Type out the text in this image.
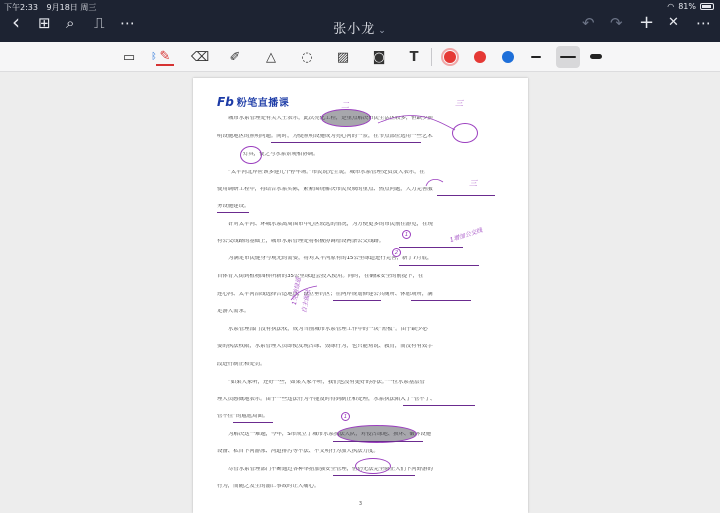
下午2:33 9月18日 周三	◠ 81%
‹ ⊞ ⌕ ⎍ ⋯	张小龙 ⌄	↶ ↷ + ✕ ⋯
▭	ᛒ ✎ ⌫ ✐	△	◌ ▨ ◙	T
Fb 粉笔直播课
城市水系管理处有关人士表示，此次亮化工程，是重点解决市民生活区较多，但缺少照
明设施地区的照明问题。同时，为使照明设施成为亮心河的一景，在节点部位选用一些艺术
灯具，使之与水系景观相协调。
“太平河北岸应该多建几个停车场。”市民说先生说。城市水系管理处负责人表示，在
使用调研工程中，将结合水系实际，紧紧围绕解决市民反映的重点、热点问题，大力完善服
务设施建设。
针对太平河、环城水系离周围市中心区较远的情况，为方便更多的市民前往游览，在现
有公交线路的基础上，城市水系管理处将积极协调增设两条公交线路。
为满足市民健身与观光的需要，将对太平河原有的15公里绿道进行完善，新了7月底，
自体育大街到植物园桥所新的35公里绿道会投入使用。同时，在确保安全的前提下，在
连心河、太平河沿线选择合适地点，设立垂钓区；在两岸规划修建公共厕所、休憩场所，满
足游人需求。
水系管理部门没有执法权，成为当前城市水系管理工作中的一块“短板”。由于缺少必
要的执法权限，水系管理人员即使发现占绿、毁绿行为，也只能劝说、教育，而没有有效手
段进行制止和处罚。
“如果人家听，还好一些，如果人家不听，我们也没有更好的办法。”一位水系基层管
理人员感慨地表示。由于一些违法行为不能及时得到制止和处理，水系执法陷入了“管不了、
管不住”的尴尬局面。
为解决这一难题，今年，S市成立了城市水系执法大队，对侵占绿地、损坏、破坏设施
设备、私自下河游泳、河道排污等不法、不文明行为加大执法力度。
尽管水系管理部门不断通过各种举措加强安全管理，但仍无法完全阻止人们下河野游的
行为，而随之发生的溺亡事故时让人痛心。
3
二	三
三
1增加公交线
1完善绿道
自主做法
1
2
1
